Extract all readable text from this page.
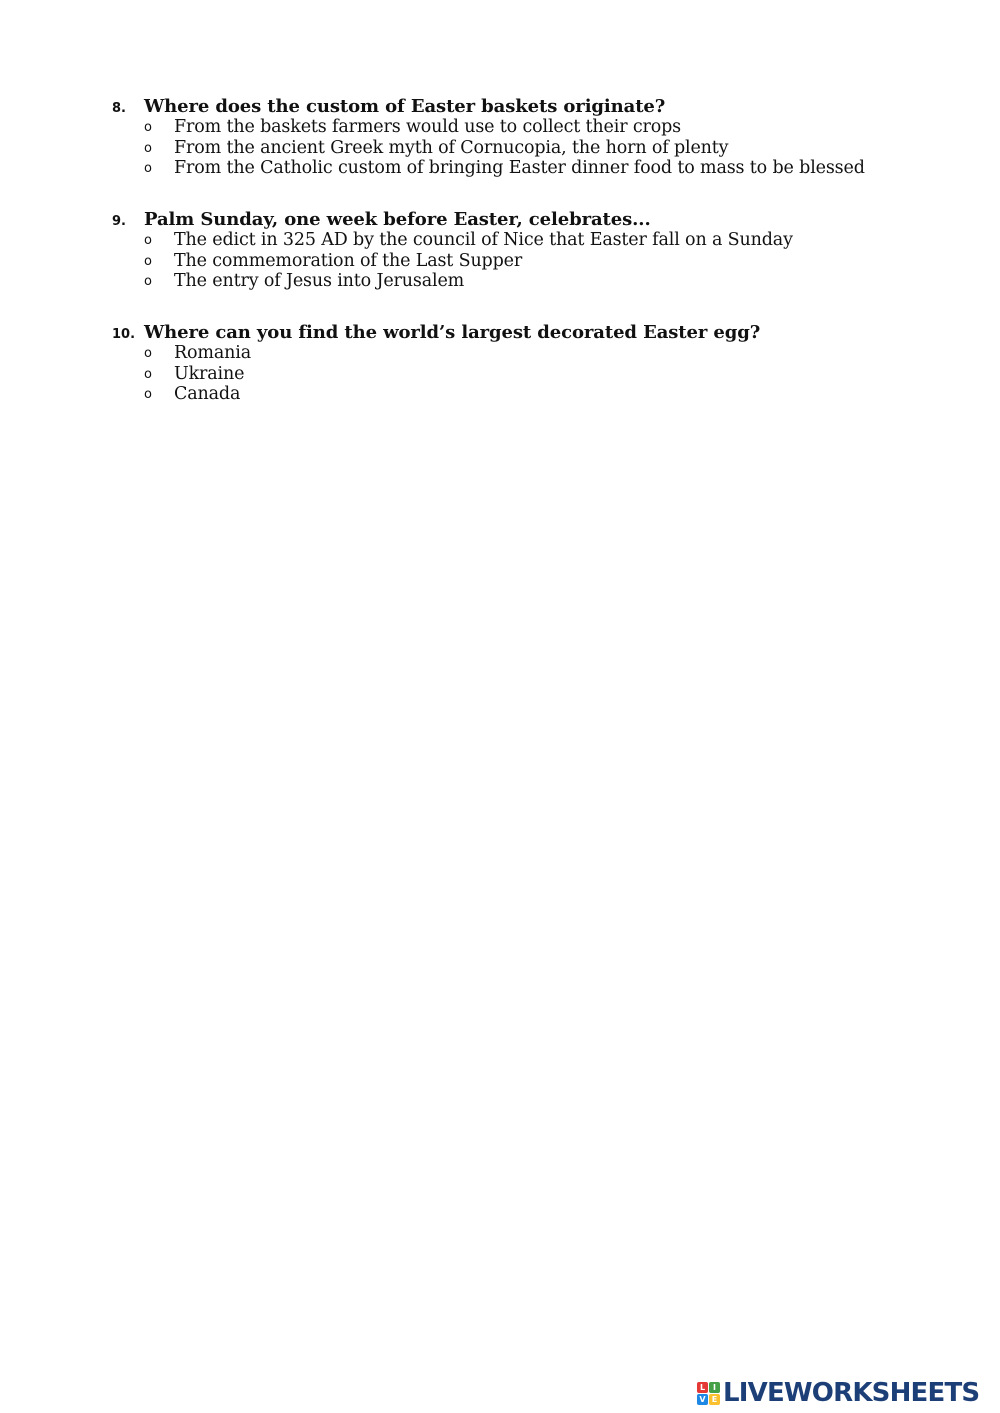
8. Where does the custom of Easter baskets originate?
o From the baskets farmers would use to collect their crops
o From the ancient Greek myth of Cornucopia, the horn of plenty
o From the Catholic custom of bringing Easter dinner food to mass to be blessed
9. Palm Sunday, one week before Easter, celebrates...
o The edict in 325 AD by the council of Nice that Easter fall on a Sunday
o The commemoration of the Last Supper
o The entry of Jesus into Jerusalem
10. Where can you find the world’s largest decorated Easter egg?
o Romania
o Ukraine
o Canada
L I
V E LIVEWORKSHEETS
